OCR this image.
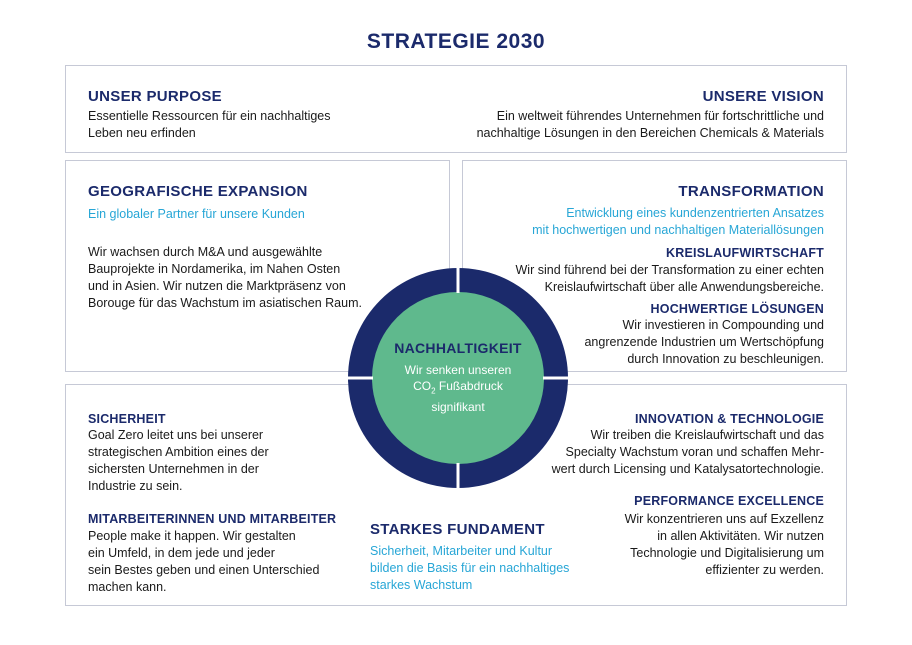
STRATEGIE 2030
UNSER PURPOSE
Essentielle Ressourcen für ein nachhaltiges
Leben neu erfinden
UNSERE VISION
Ein weltweit führendes Unternehmen für fortschrittliche und
nachhaltige Lösungen in den Bereichen Chemicals & Materials
GEOGRAFISCHE EXPANSION
Ein globaler Partner für unsere Kunden
Wir wachsen durch M&A und ausgewählte
Bauprojekte in Nordamerika, im Nahen Osten
und in Asien. Wir nutzen die Marktpräsenz von
Borouge für das Wachstum im asiatischen Raum.
TRANSFORMATION
Entwicklung eines kundenzentrierten Ansatzes
mit hochwertigen und nachhaltigen Materiallösungen
KREISLAUFWIRTSCHAFT
Wir sind führend bei der Transformation zu einer echten
Kreislaufwirtschaft über alle Anwendungsbereiche.
HOCHWERTIGE LÖSUNGEN
Wir investieren in Compounding und
angrenzende Industrien um Wertschöpfung
durch Innovation zu beschleunigen.
SICHERHEIT
Goal Zero leitet uns bei unserer
strategischen Ambition eines der
sichersten Unternehmen in der
Industrie zu sein.
MITARBEITERINNEN UND MITARBEITER
People make it happen. Wir gestalten
ein Umfeld, in dem jede und jeder
sein Bestes geben und einen Unterschied
machen kann.
STARKES FUNDAMENT
Sicherheit, Mitarbeiter und Kultur
bilden die Basis für ein nachhaltiges
starkes Wachstum
INNOVATION & TECHNOLOGIE
Wir treiben die Kreislaufwirtschaft und das
Specialty Wachstum voran und schaffen Mehr-
wert durch Licensing und Katalysatortechnologie.
PERFORMANCE EXCELLENCE
Wir konzentrieren uns auf Exzellenz
in allen Aktivitäten. Wir nutzen
Technologie und Digitalisierung um
effizienter zu werden.
NACHHALTIGKEIT
Wir senken unseren
$CO_2$ Fußabdruck
signifikant
